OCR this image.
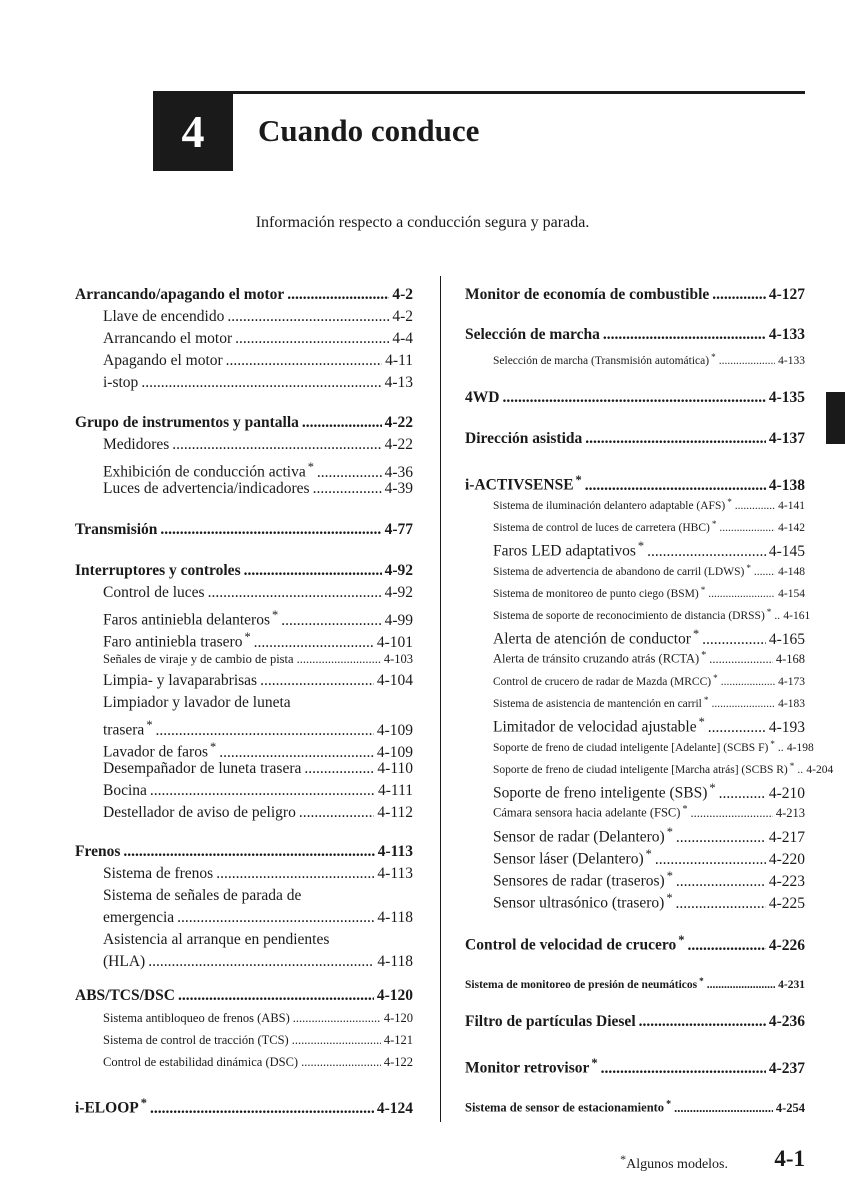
4 Cuando conduce
Información respecto a conducción segura y parada.
Arrancando/apagando el motor .....	4-2
Llave de encendido .....	4-2
Arrancando el motor .....	4-4
Apagando el motor .....	4-11
i-stop .....	4-13
Grupo de instrumentos y pantalla .....	4-22
Medidores .....	4-22
Exhibición de conducción activa * .....	4-36
Luces de advertencia/indicadores .....	4-39
Transmisión .....	4-77
Interruptores y controles .....	4-92
Control de luces .....	4-92
Faros antiniebla delanteros * .....	4-99
Faro antiniebla trasero * .....	4-101
Señales de viraje y de cambio de pista .....	4-103
Limpia- y lavaparabrisas .....	4-104
Limpiador y lavador de luneta
trasera * .....	4-109
Lavador de faros * .....	4-109
Desempañador de luneta trasera .....	4-110
Bocina .....	4-111
Destellador de aviso de peligro .....	4-112
Frenos .....	4-113
Sistema de frenos .....	4-113
Sistema de señales de parada de
emergencia .....	4-118
Asistencia al arranque en pendientes
(HLA) .....	4-118
ABS/TCS/DSC .....	4-120
Sistema antibloqueo de frenos (ABS) .....	4-120
Sistema de control de tracción (TCS) .....	4-121
Control de estabilidad dinámica (DSC) .....	4-122
i-ELOOP * .....	4-124
Monitor de economía de combustible .....	4-127
Selección de marcha .....	4-133
Selección de marcha (Transmisión automática) * .....	4-133
4WD .....	4-135
Dirección asistida .....	4-137
i-ACTIVSENSE * .....	4-138
Sistema de iluminación delantero adaptable (AFS) * .....	4-141
Sistema de control de luces de carretera (HBC) * .....	4-142
Faros LED adaptativos * .....	4-145
Sistema de advertencia de abandono de carril (LDWS) * ..... 4-148
Sistema de monitoreo de punto ciego (BSM) * .....	4-154
Sistema de soporte de reconocimiento de distancia (DRSS) * ..... 4-161
Alerta de atención de conductor * .....	4-165
Alerta de tránsito cruzando atrás (RCTA) * .....	4-168
Control de crucero de radar de Mazda (MRCC) * .....	4-173
Sistema de asistencia de mantención en carril * .....	4-183
Limitador de velocidad ajustable * .....	4-193
Soporte de freno de ciudad inteligente [Adelante] (SCBS F) * ..... 4-198
Soporte de freno de ciudad inteligente [Marcha atrás] (SCBS R) * ..... 4-204
Soporte de freno inteligente (SBS) * .....	4-210
Cámara sensora hacia adelante (FSC) * .....	4-213
Sensor de radar (Delantero) * .....	4-217
Sensor láser (Delantero) * .....	4-220
Sensores de radar (traseros) * .....	4-223
Sensor ultrasónico (trasero) * .....	4-225
Control de velocidad de crucero * .....	4-226
Sistema de monitoreo de presión de neumáticos * .....	4-231
Filtro de partículas Diesel .....	4-236
Monitor retrovisor * .....	4-237
Sistema de sensor de estacionamiento * .....	4-254
*Algunos modelos. 4-1
